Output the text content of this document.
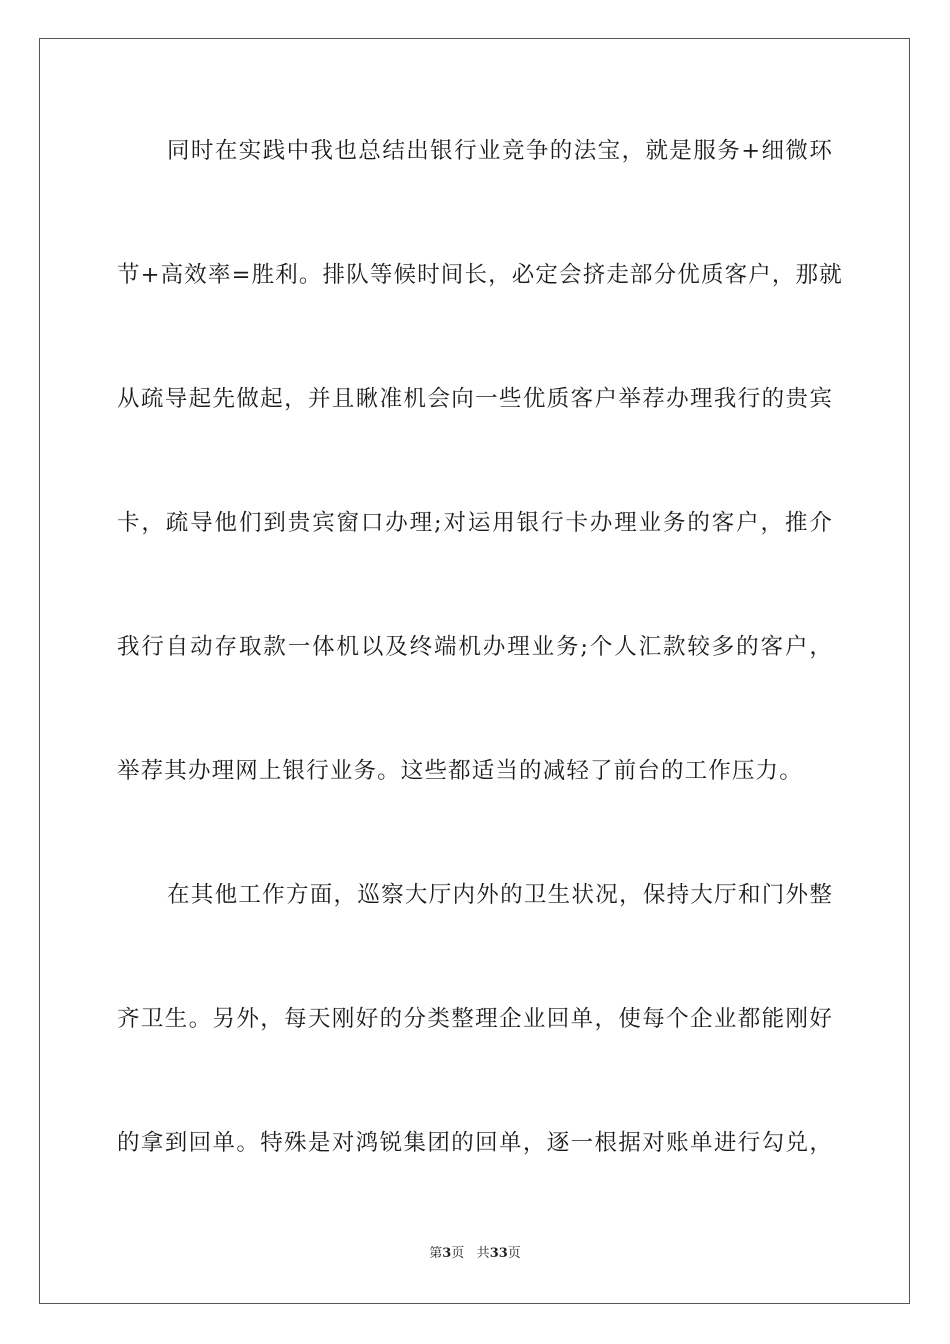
同时在实践中我也总结出银行业竞争的法宝，就是服务+细微环
节+高效率=胜利。排队等候时间长，必定会挤走部分优质客户，那就
从疏导起先做起，并且瞅准机会向一些优质客户举荐办理我行的贵宾
卡，疏导他们到贵宾窗口办理;对运用银行卡办理业务的客户，推介
我行自动存取款一体机以及终端机办理业务;个人汇款较多的客户，
举荐其办理网上银行业务。这些都适当的减轻了前台的工作压力。
在其他工作方面，巡察大厅内外的卫生状况，保持大厅和门外整
齐卫生。另外，每天刚好的分类整理企业回单，使每个企业都能刚好
的拿到回单。特殊是对鸿锐集团的回单，逐一根据对账单进行勾兑，
第3页 共33页
